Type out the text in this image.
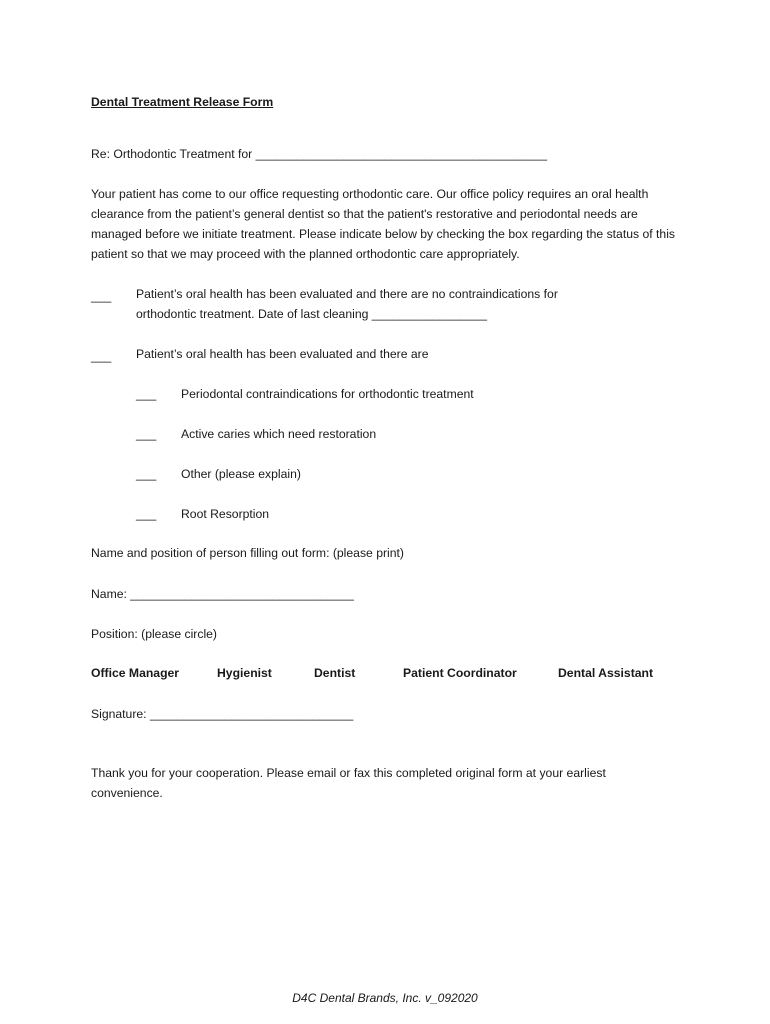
Dental Treatment Release Form
Re: Orthodontic Treatment for ___________________________________________
Your patient has come to our office requesting orthodontic care. Our office policy requires an oral health clearance from the patient’s general dentist so that the patient's restorative and periodontal needs are managed before we initiate treatment. Please indicate below by checking the box regarding the status of this patient so that we may proceed with the planned orthodontic care appropriately.
___ Patient’s oral health has been evaluated and there are no contraindications for
orthodontic treatment. Date of last cleaning _________________
___ Patient’s oral health has been evaluated and there are
___ Periodontal contraindications for orthodontic treatment
___ Active caries which need restoration
___ Other (please explain)
___ Root Resorption
Name and position of person filling out form: (please print)
Name: _________________________________
Position: (please circle)
Office Manager	Hygienist	Dentist	Patient Coordinator	Dental Assistant
Signature: ______________________________
Thank you for your cooperation. Please email or fax this completed original form at your earliest convenience.
D4C Dental Brands, Inc. v_092020
